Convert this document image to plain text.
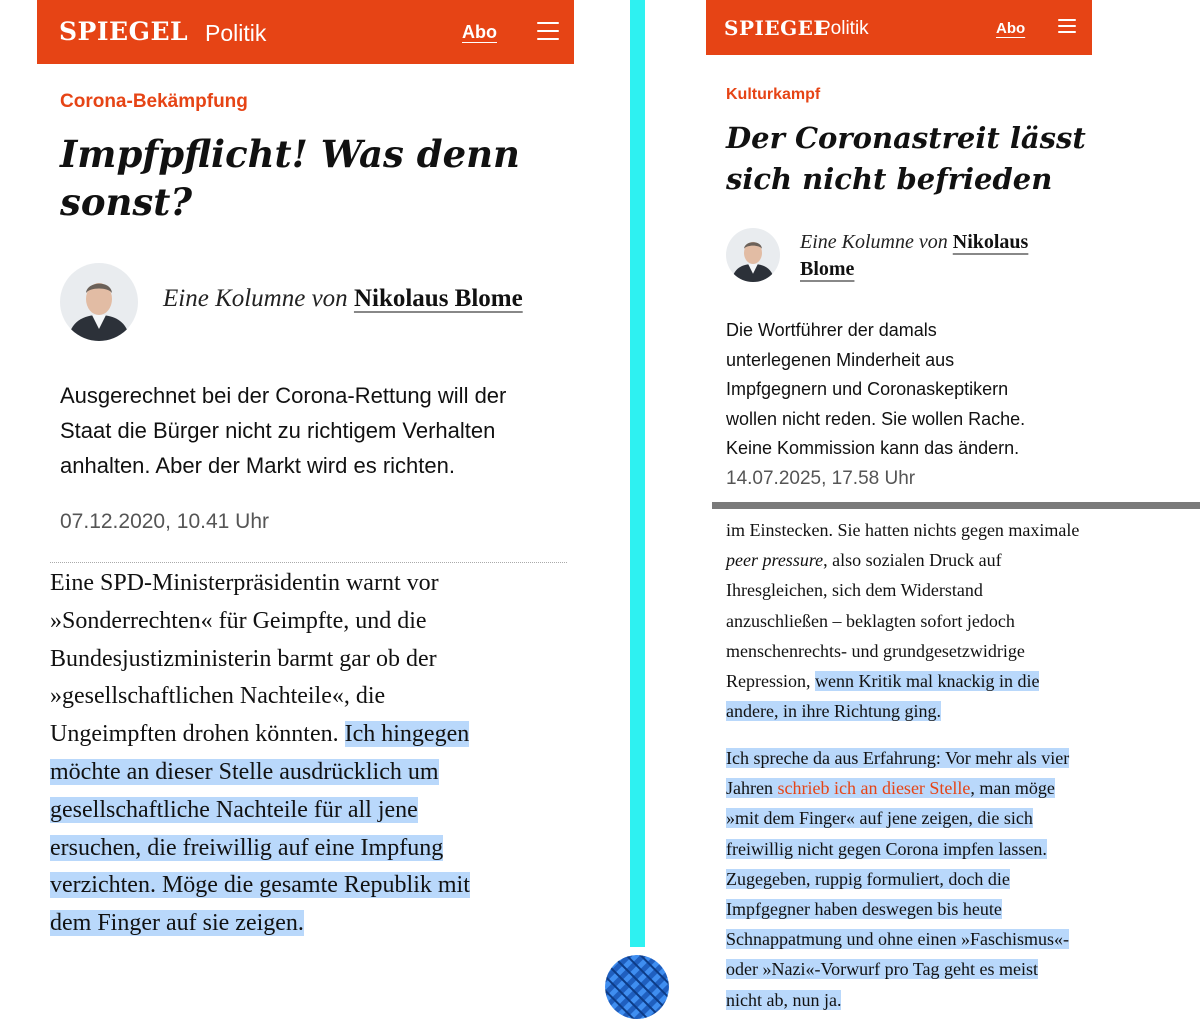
SPIEGEL Politik	Abo
Corona-Bekämpfung
Impfpflicht! Was denn
sonst?
Eine Kolumne von Nikolaus Blome
Ausgerechnet bei der Corona-Rettung will der
Staat die Bürger nicht zu richtigem Verhalten
anhalten. Aber der Markt wird es richten.
07.12.2020, 10.41 Uhr
Eine SPD-Ministerpräsidentin warnt vor
»Sonderrechten« für Geimpfte, und die
Bundesjustizministerin barmt gar ob der
»gesellschaftlichen Nachteile«, die
Ungeimpften drohen könnten. Ich hingegen
möchte an dieser Stelle ausdrücklich um
gesellschaftliche Nachteile für all jene
ersuchen, die freiwillig auf eine Impfung
verzichten. Möge die gesamte Republik mit
dem Finger auf sie zeigen.
SPIEGEL
Politik	Abo
Kulturkampf
Der Coronastreit lässt
sich nicht befrieden
Eine Kolumne von Nikolaus
Blome
Die Wortführer der damals
unterlegenen Minderheit aus
Impfgegnern und Coronaskeptikern
wollen nicht reden. Sie wollen Rache.
Keine Kommission kann das ändern.
14.07.2025, 17.58 Uhr
im Einstecken. Sie hatten nichts gegen maximale
peer pressure, also sozialen Druck auf
Ihresgleichen, sich dem Widerstand
anzuschließen – beklagten sofort jedoch
menschenrechts- und grundgesetzwidrige
Repression, wenn Kritik mal knackig in die
andere, in ihre Richtung ging.
Ich spreche da aus Erfahrung: Vor mehr als vier
Jahren schrieb ich an dieser Stelle, man möge
»mit dem Finger« auf jene zeigen, die sich
freiwillig nicht gegen Corona impfen lassen.
Zugegeben, ruppig formuliert, doch die
Impfgegner haben deswegen bis heute
Schnappatmung und ohne einen »Faschismus«-
oder »Nazi«-Vorwurf pro Tag geht es meist
nicht ab, nun ja.
